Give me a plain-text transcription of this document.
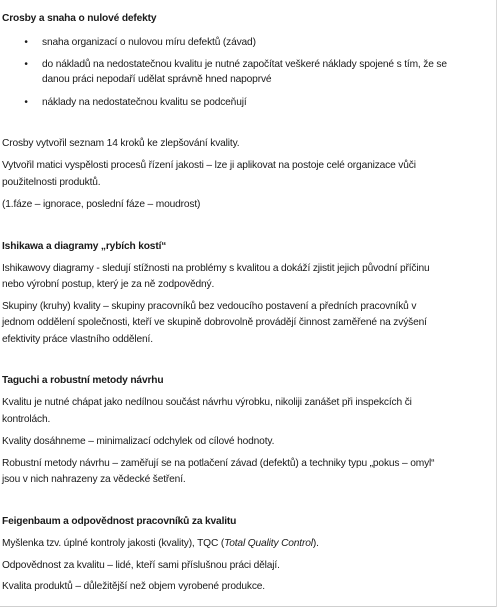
Crosby a snaha o nulové defekty
• snaha organizací o nulovou míru defektů (závad)
• do nákladů na nedostatečnou kvalitu je nutné započítat veškeré náklady spojené s tím, že se
danou práci nepodaří udělat správně hned napoprvé
• náklady na nedostatečnou kvalitu se podceňují
Crosby vytvořil seznam 14 kroků ke zlepšování kvality.
Vytvořil matici vyspělosti procesů řízení jakosti – lze ji aplikovat na postoje celé organizace vůči
použitelnosti produktů.
(1.fáze – ignorace, poslední fáze – moudrost)
Ishikawa a diagramy „rybích kostí“
Ishikawovy diagramy - sledují stížnosti na problémy s kvalitou a dokáží zjistit jejich původní příčinu
nebo výrobní postup, který je za ně zodpovědný.
Skupiny (kruhy) kvality – skupiny pracovníků bez vedoucího postavení a předních pracovníků v
jednom oddělení společnosti, kteří ve skupině dobrovolně provádějí činnost zaměřené na zvýšení
efektivity práce vlastního oddělení.
Taguchi a robustní metody návrhu
Kvalitu je nutné chápat jako nedílnou součást návrhu výrobku, nikoliji zanášet při inspekcích či
kontrolách.
Kvality dosáhneme – minimalizací odchylek od cílové hodnoty.
Robustní metody návrhu – zaměřují se na potlačení závad (defektů) a techniky typu „pokus – omyl“
jsou v nich nahrazeny za vědecké šetření.
Feigenbaum a odpovědnost pracovníků za kvalitu
Myšlenka tzv. úplné kontroly jakosti (kvality), TQC (Total Quality Control).
Odpovědnost za kvalitu – lidé, kteří sami příslušnou práci dělají.
Kvalita produktů – důležitější než objem vyrobené produkce.
